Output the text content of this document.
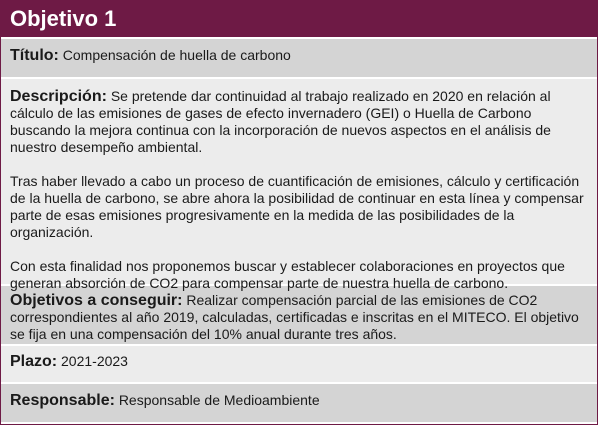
Objetivo 1
Título: Compensación de huella de carbono

Descripción: Se pretende dar continuidad al trabajo realizado en 2020 en relación al cálculo de las emisiones de gases de efecto invernadero (GEI) o Huella de Carbono buscando la mejora continua con la incorporación de nuevos aspectos en el análisis de nuestro desempeño ambiental.

Tras haber llevado a cabo un proceso de cuantificación de emisiones, cálculo y certificación de la huella de carbono, se abre ahora la posibilidad de continuar en esta línea y compensar parte de esas emisiones progresivamente en la medida de las posibilidades de la organización.

Con esta finalidad nos proponemos buscar y establecer colaboraciones en proyectos que generan absorción de CO2 para compensar parte de nuestra huella de carbono.

Objetivos a conseguir: Realizar compensación parcial de las emisiones de CO2 correspondientes al año 2019, calculadas, certificadas e inscritas en el MITECO. El objetivo se fija en una compensación del 10% anual durante tres años.

Plazo: 2021-2023
Responsable: Responsable de Medioambiente
